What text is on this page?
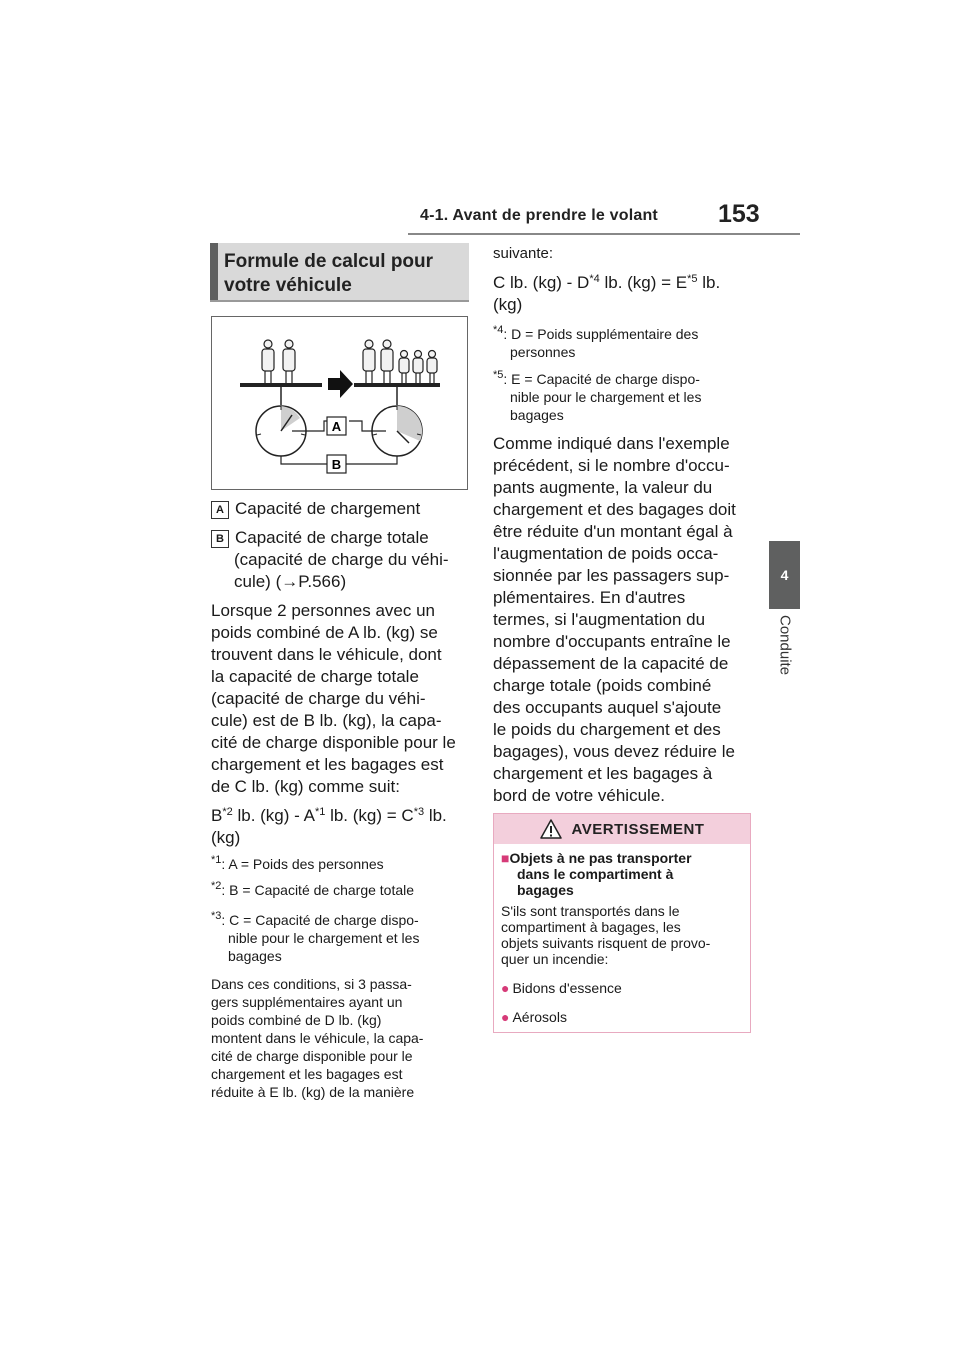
4-1. Avant de prendre le volant 153
4
Conduite
Formule de calcul pour
votre véhicule
A
B
A Capacité de chargement
B Capacité de charge totale
(capacité de charge du véhi-
cule) (→P.566)
Lorsque 2 personnes avec un
poids combiné de A lb. (kg) se
trouvent dans le véhicule, dont
la capacité de charge totale
(capacité de charge du véhi-
cule) est de B lb. (kg), la capa-
cité de charge disponible pour le
chargement et les bagages est
de C lb. (kg) comme suit:
$B^{*2}$ lb. $(kg) - A^{*1}$ lb. $(kg) = C^{*3}$ lb.
(kg)
$^{*1}$: A = Poids des personnes
$^{*2}$: B = Capacité de charge totale
$^{*3}$: C = Capacité de charge dispo-
nible pour le chargement et les
bagages
Dans ces conditions, si 3 passa-
gers supplémentaires ayant un
poids combiné de D lb. (kg)
montent dans le véhicule, la capa-
cité de charge disponible pour le
chargement et les bagages est
réduite à E lb. (kg) de la manière
suivante:
C lb. $(kg) - D^{*4}$ lb. $(kg) = E^{*5}$ lb.
(kg)
$^{*4}$: D = Poids supplémentaire des
personnes
$^{*5}$: E = Capacité de charge dispo-
nible pour le chargement et les
bagages
Comme indiqué dans l'exemple
précédent, si le nombre d'occu-
pants augmente, la valeur du
chargement et des bagages doit
être réduite d'un montant égal à
l'augmentation de poids occa-
sionnée par les passagers sup-
plémentaires. En d'autres
termes, si l'augmentation du
nombre d'occupants entraîne le
dépassement de la capacité de
charge totale (poids combiné
des occupants auquel s'ajoute
le poids du chargement et des
bagages), vous devez réduire le
chargement et les bagages à
bord de votre véhicule.
AVERTISSEMENT
■Objets à ne pas transporter
dans le compartiment à
bagages
S'ils sont transportés dans le
compartiment à bagages, les
objets suivants risquent de provo-
quer un incendie:
● Bidons d'essence
● Aérosols
